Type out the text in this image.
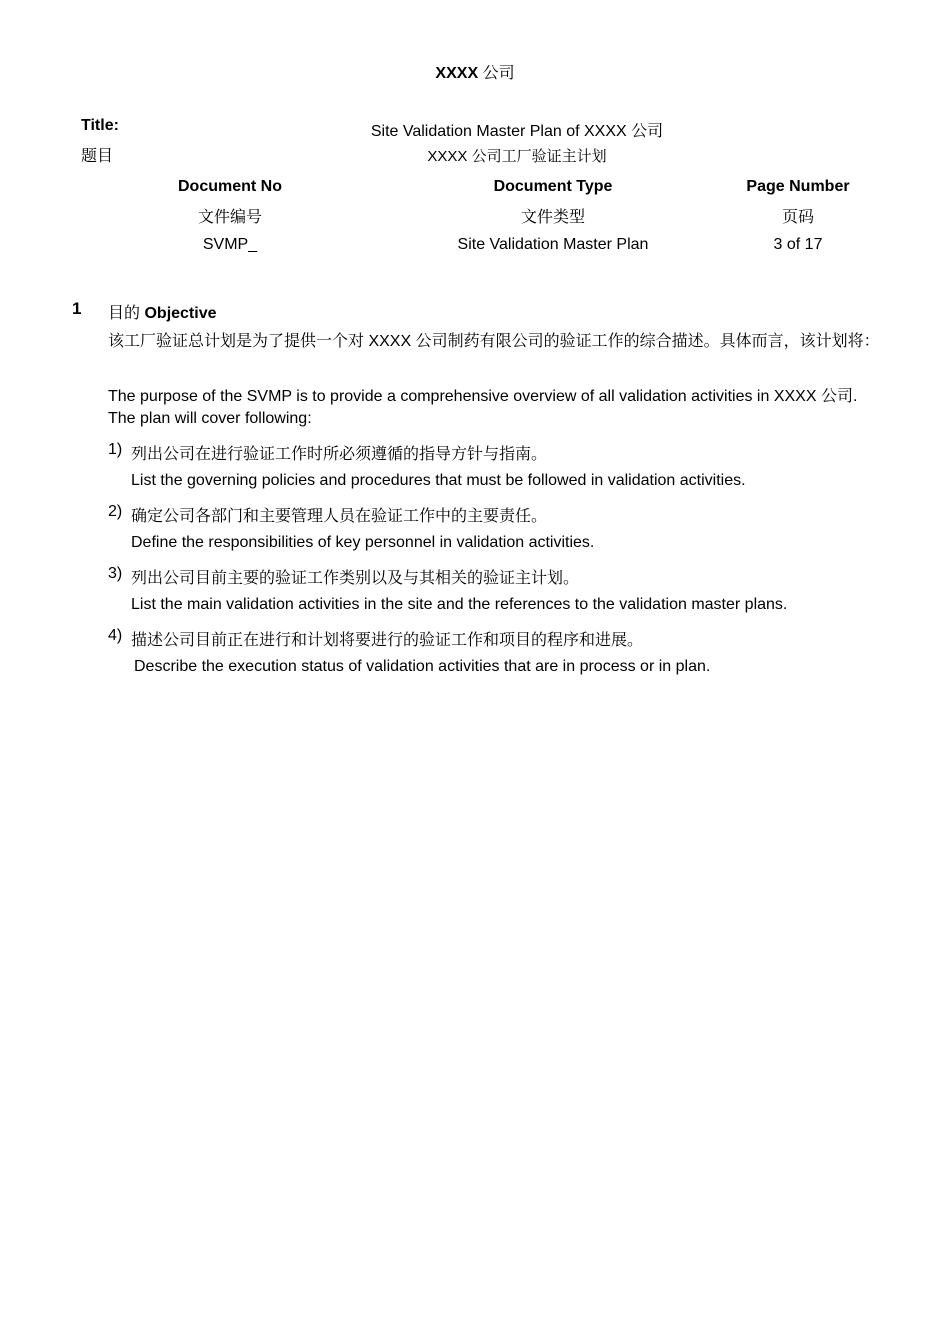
XXXX 公司
Title:
题目
Site Validation Master Plan of XXXX 公司
XXXX 公司工厂验证主计划
Document No	Document Type	Page Number
文件编号	文件类型	页码
SVMP_	Site Validation Master Plan	3 of 17
1 目的 Objective
该工厂验证总计划是为了提供一个对 XXXX 公司制药有限公司的验证工作的综合描述。具体而言，该计划将：
The purpose of the SVMP is to provide a comprehensive overview of all validation activities in XXXX 公司. The plan will cover following:
1) 列出公司在进行验证工作时所必须遵循的指导方针与指南。
List the governing policies and procedures that must be followed in validation activities.
2) 确定公司各部门和主要管理人员在验证工作中的主要责任。
Define the responsibilities of key personnel in validation activities.
3) 列出公司目前主要的验证工作类别以及与其相关的验证主计划。
List the main validation activities in the site and the references to the validation master plans.
4) 描述公司目前正在进行和计划将要进行的验证工作和项目的程序和进展。
Describe the execution status of validation activities that are in process or in plan.
